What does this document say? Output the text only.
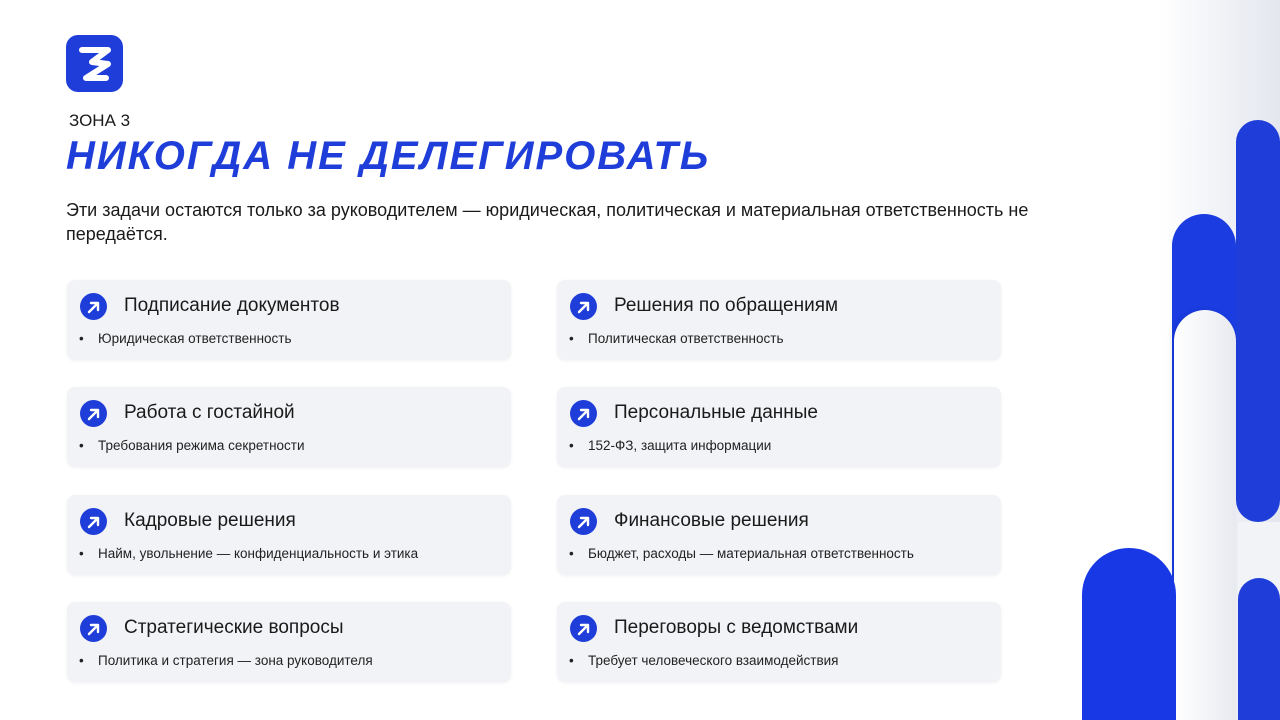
ЗОНА 3
НИКОГДА НЕ ДЕЛЕГИРОВАТЬ
Эти задачи остаются только за руководителем — юридическая, политическая и материальная ответственность не передаётся.
Подписание документов
• Юридическая ответственность
Решения по обращениям
• Политическая ответственность
Работа с гостайной
• Требования режима секретности
Персональные данные
• 152-ФЗ, защита информации
Кадровые решения
• Найм, увольнение — конфиденциальность и этика
Финансовые решения
• Бюджет, расходы — материальная ответственность
Стратегические вопросы
• Политика и стратегия — зона руководителя
Переговоры с ведомствами
• Требует человеческого взаимодействия
